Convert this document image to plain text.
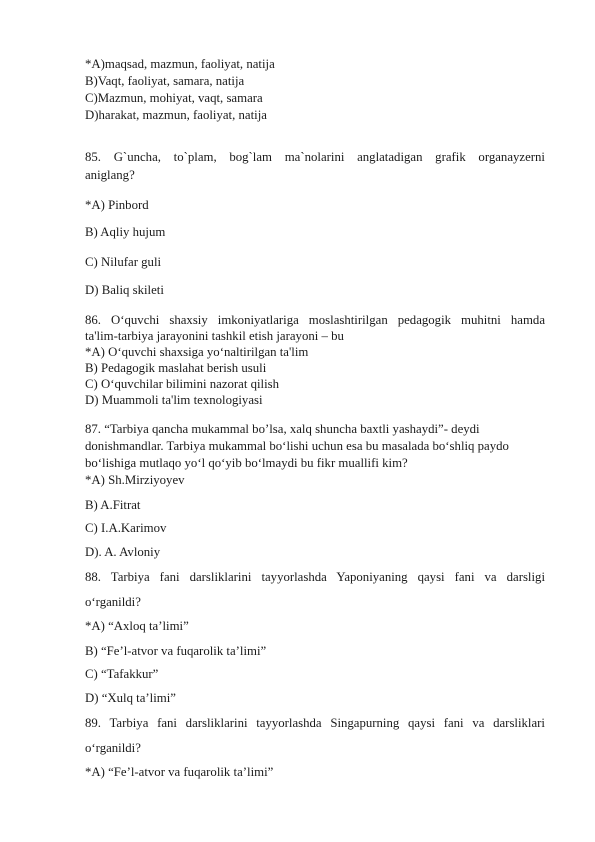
*A)maqsad, mazmun, faoliyat, natija
B)Vaqt, faoliyat, samara, natija
C)Mazmun, mohiyat, vaqt, samara
D)harakat, mazmun, faoliyat, natija
85. G`uncha, to`plam, bog`lam ma`nolarini anglatadigan grafik organayzerni
aniglang?
*A) Pinbord
B) Aqliy hujum
C) Nilufar guli
D) Baliq skileti
86. O‘quvchi shaxsiy imkoniyatlariga moslashtirilgan pedagogik muhitni hamda
ta'lim-tarbiya jarayonini tashkil etish jarayoni – bu
*A) O‘quvchi shaxsiga yo‘naltirilgan ta'lim
B) Pedagogik maslahat berish usuli
C) O‘quvchilar bilimini nazorat qilish
D) Muammoli ta'lim texnologiyasi
87. “Tarbiya qancha mukammal bo’lsa, xalq shuncha baxtli yashaydi”- deydi
donishmandlar. Tarbiya mukammal bo‘lishi uchun esa bu masalada bo‘shliq paydo
bo‘lishiga mutlaqo yo‘l qo‘yib bo‘lmaydi bu fikr muallifi kim?
*A) Sh.Mirziyoyev
B) A.Fitrat
C) I.A.Karimov
D). A. Avloniy
88. Tarbiya fani darsliklarini tayyorlashda Yaponiyaning qaysi fani va darsligi
o‘rganildi?
*A) “Axloq ta’limi”
B) “Fe’l-atvor va fuqarolik ta’limi”
C) “Tafakkur”
D) “Xulq ta’limi”
89. Tarbiya fani darsliklarini tayyorlashda Singapurning qaysi fani va darsliklari
o‘rganildi?
*A) “Fe’l-atvor va fuqarolik ta’limi”
